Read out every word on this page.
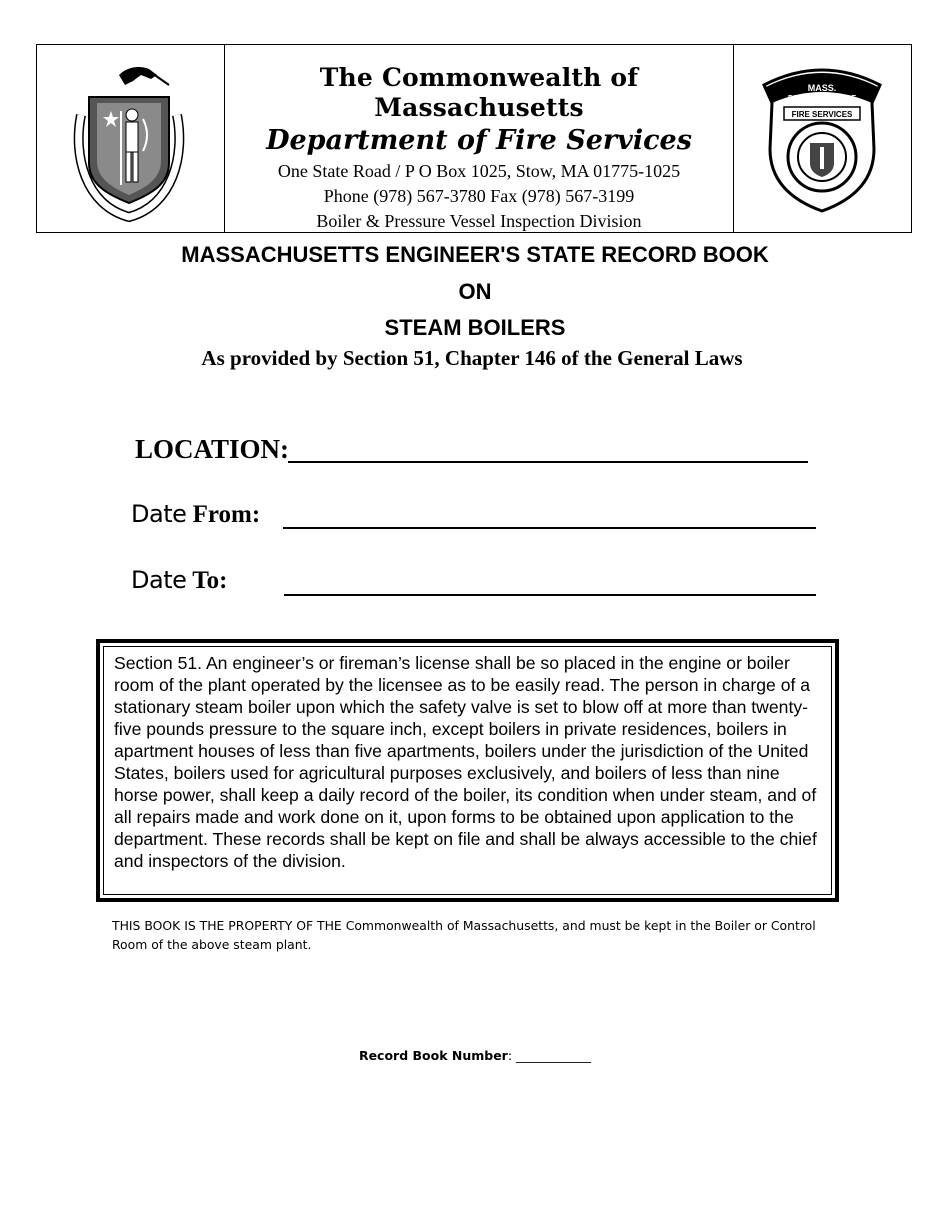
The Commonwealth of Massachusetts
Department of Fire Services
One State Road / P O Box 1025, Stow, MA 01775-1025
Phone (978) 567-3780 Fax (978) 567-3199
Boiler & Pressure Vessel Inspection Division
MASS.
DEPARTMENT OF
FIRE SERVICES
MASSACHUSETTS ENGINEER'S STATE RECORD BOOK
ON
STEAM BOILERS
As provided by Section 51, Chapter 146 of the General Laws
LOCATION:
Date From:
Date To:
Section 51. An engineer’s or fireman’s license shall be so placed in the engine or boiler room of the plant operated by the licensee as to be easily read. The person in charge of a stationary steam boiler upon which the safety valve is set to blow off at more than twenty-five pounds pressure to the square inch, except boilers in private residences, boilers in apartment houses of less than five apartments, boilers under the jurisdiction of the United States, boilers used for agricultural purposes exclusively, and boilers of less than nine horse power, shall keep a daily record of the boiler, its condition when under steam, and of all repairs made and work done on it, upon forms to be obtained upon application to the department. These records shall be kept on file and shall be always accessible to the chief and inspectors of the division.
THIS BOOK IS THE PROPERTY OF THE Commonwealth of Massachusetts, and must be kept in the Boiler or Control Room of the above steam plant.
Record Book Number: ____________
